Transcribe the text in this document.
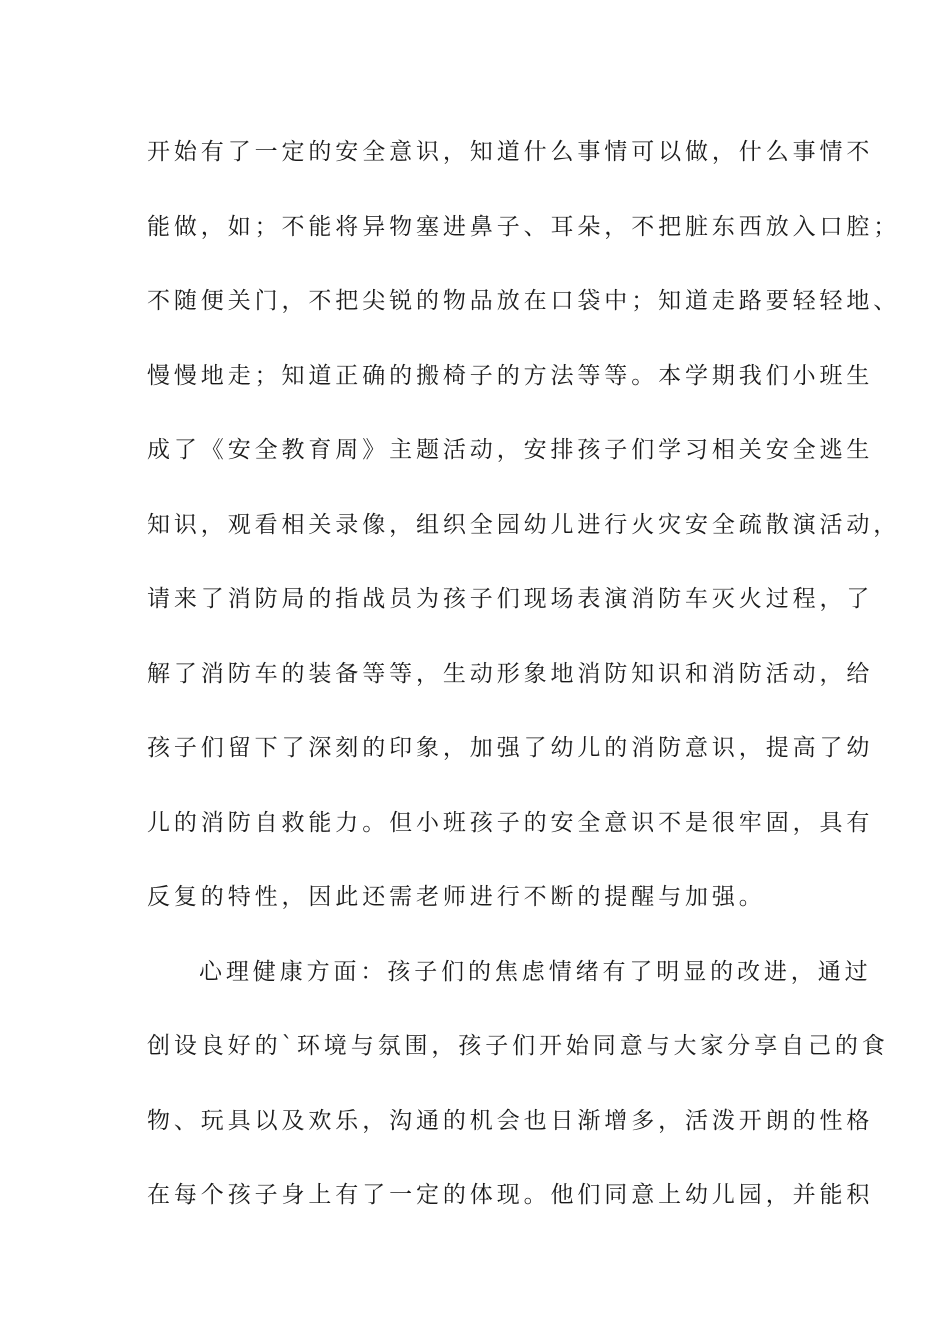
开始有了一定的安全意识，知道什么事情可以做，什么事情不
能做，如；不能将异物塞进鼻子、耳朵，不把脏东西放入口腔；
不随便关门，不把尖锐的物品放在口袋中；知道走路要轻轻地、
慢慢地走；知道正确的搬椅子的方法等等。本学期我们小班生
成了《安全教育周》主题活动，安排孩子们学习相关安全逃生
知识，观看相关录像，组织全园幼儿进行火灾安全疏散演活动，
请来了消防局的指战员为孩子们现场表演消防车灭火过程，了
解了消防车的装备等等，生动形象地消防知识和消防活动，给
孩子们留下了深刻的印象，加强了幼儿的消防意识，提高了幼
儿的消防自救能力。但小班孩子的安全意识不是很牢固，具有
反复的特性，因此还需老师进行不断的提醒与加强。
心理健康方面：孩子们的焦虑情绪有了明显的改进，通过
创设良好的`环境与氛围，孩子们开始同意与大家分享自己的食
物、玩具以及欢乐，沟通的机会也日渐增多，活泼开朗的性格
在每个孩子身上有了一定的体现。他们同意上幼儿园，并能积
